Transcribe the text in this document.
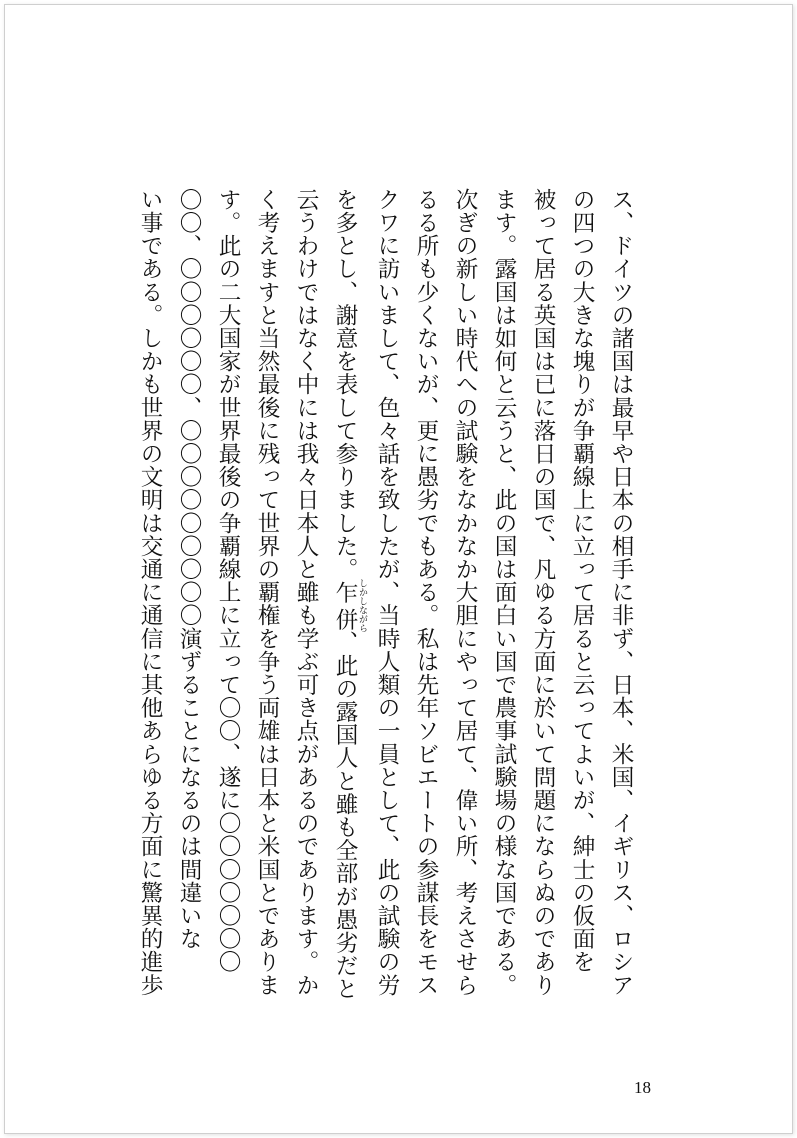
ス、ドイツの諸国は最早や日本の相手に非ず、日本、米国、イギリス、ロシア
の四つの大きな塊りが争覇線上に立って居ると云ってよいが、紳士の仮面を
被って居る英国は已に落日の国で、凡ゆる方面に於いて問題にならぬのであり
ます。露国は如何と云うと、此の国は面白い国で農事試験場の様な国である。
次ぎの新しい時代への試験をなかなか大胆にやって居て、偉い所、考えさせら
るる所も少くないが、更に愚劣でもある。私は先年ソビエートの参謀長をモス
クワに訪いまして、色々話を致したが、当時人類の一員として、此の試験の労
を多とし、謝意を表して参りました。乍併 しかしながら、此の露国人と雖も全部が愚劣だと
云うわけではなく中には我々日本人と雖も学ぶ可き点があるのであります。か
く考えますと当然最後に残って世界の覇権を争う両雄は日本と米国とでありま
す。此の二大国家が世界最後の争覇線上に立って〇〇、遂に〇〇〇〇〇〇〇
〇〇、〇〇〇〇〇〇、〇〇〇〇〇〇〇〇〇演ずることになるのは間違いな
い事である。しかも世界の文明は交通に通信に其他あらゆる方面に驚異的進歩
18
